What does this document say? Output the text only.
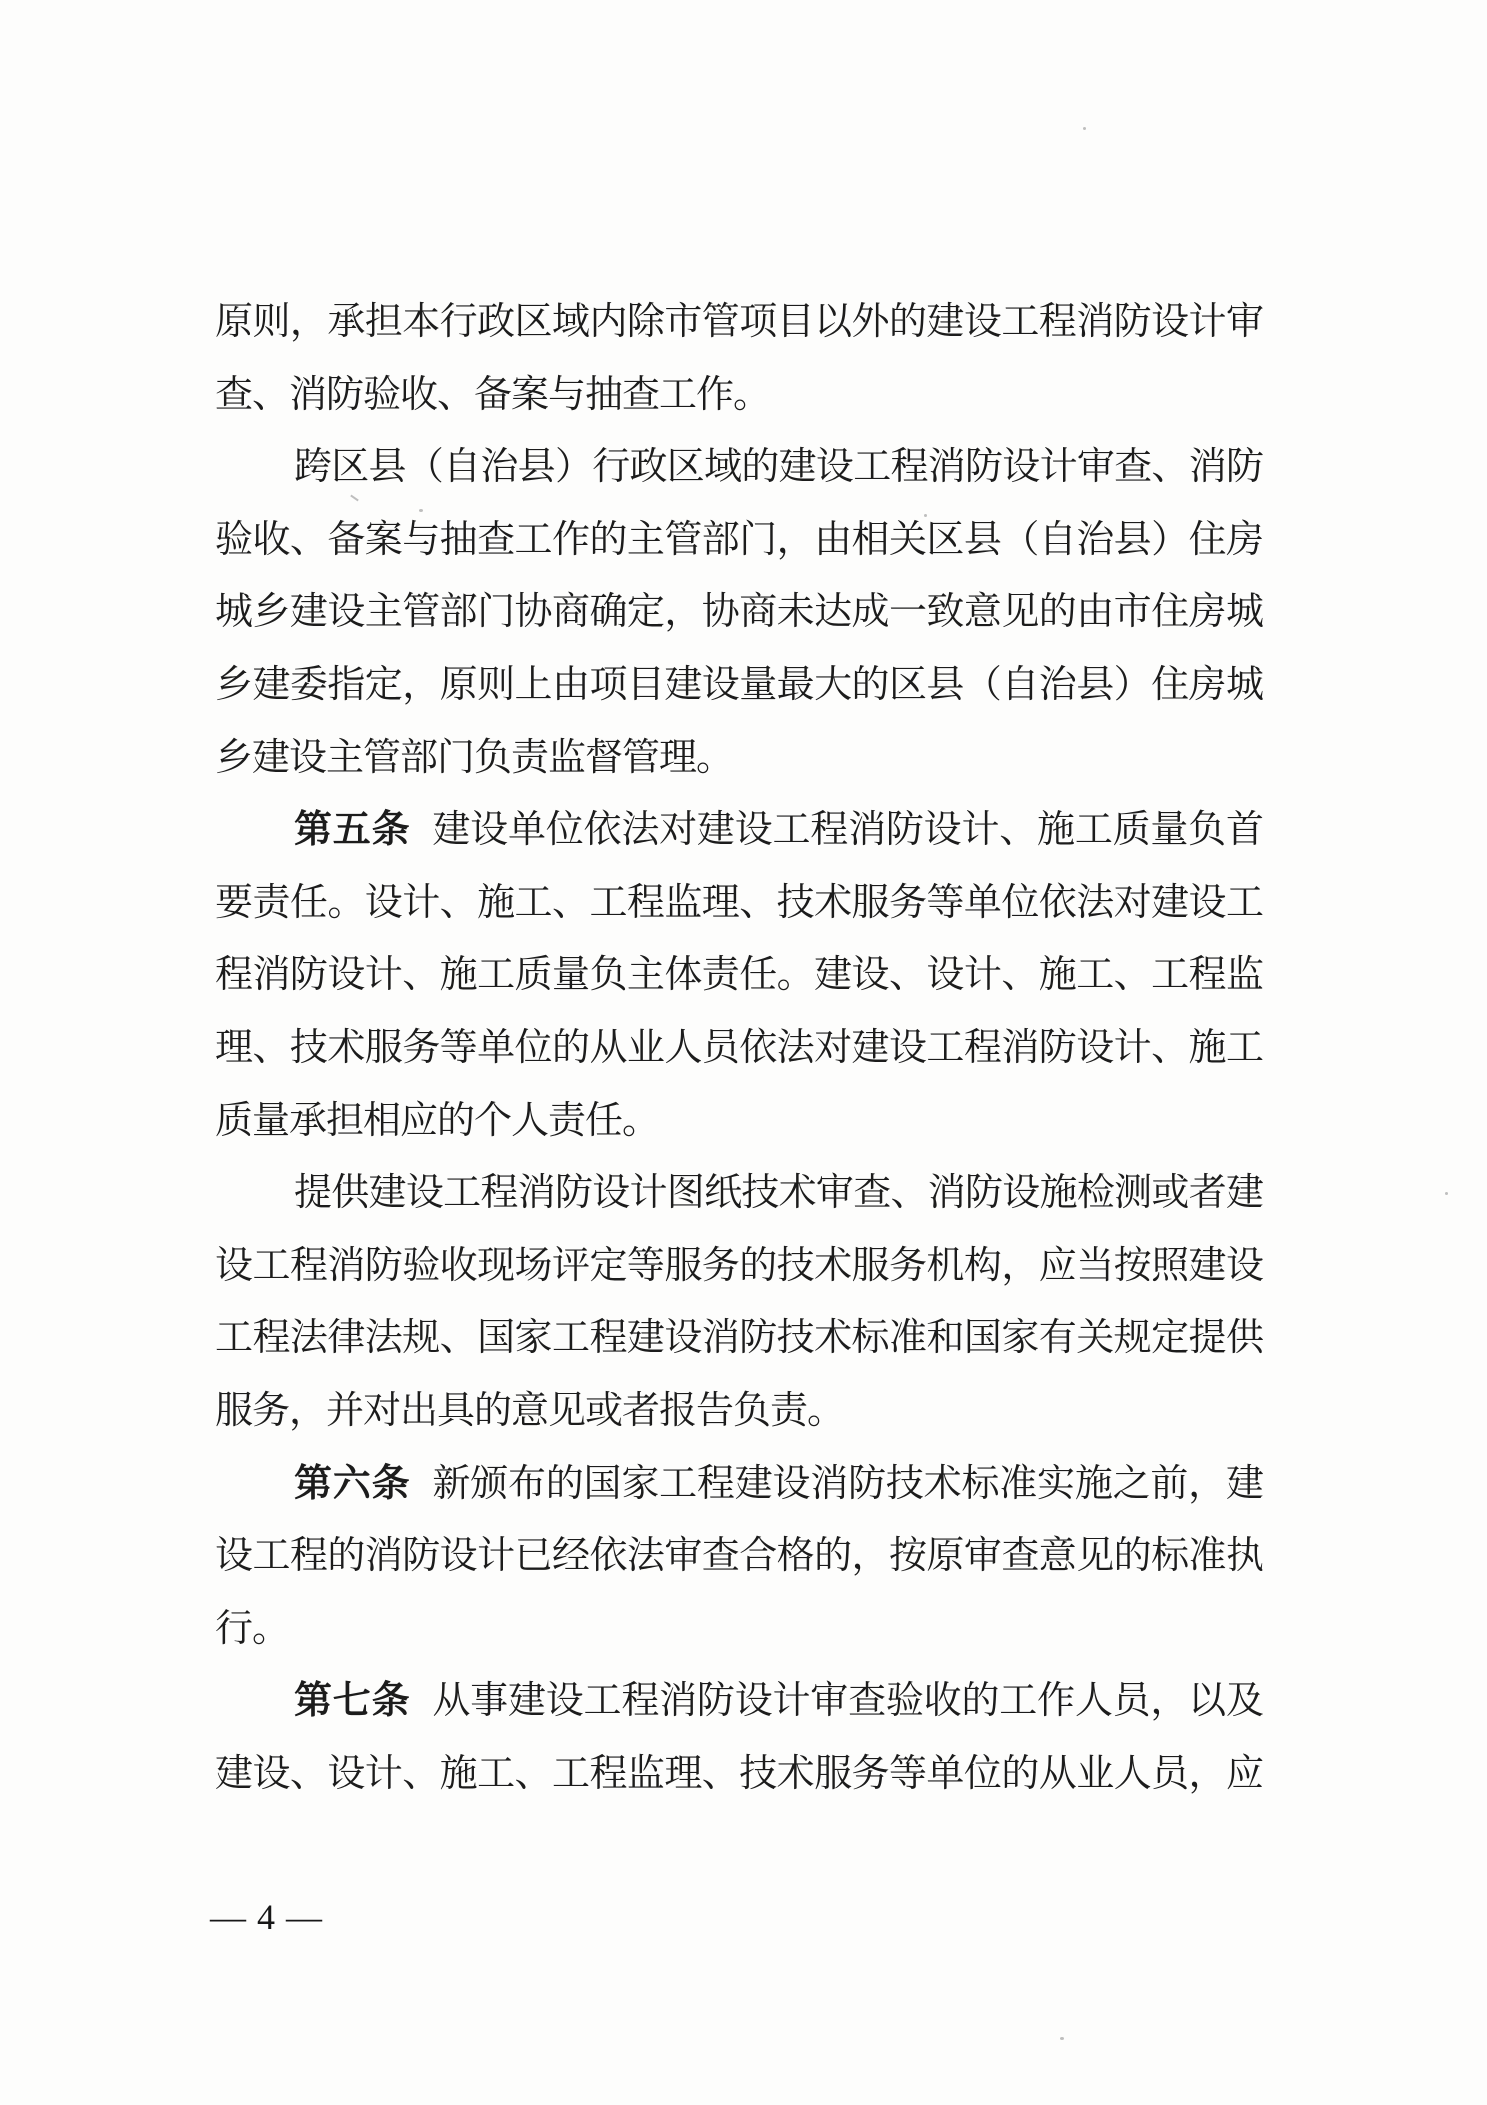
原则，承担本行政区域内除市管项目以外的建设工程消防设计审
查、消防验收、备案与抽查工作。
跨区县（自治县）行政区域的建设工程消防设计审查、消防
验收、备案与抽查工作的主管部门，由相关区县（自治县）住房
城乡建设主管部门协商确定，协商未达成一致意见的由市住房城
乡建委指定，原则上由项目建设量最大的区县（自治县）住房城
乡建设主管部门负责监督管理。
第五条 建设单位依法对建设工程消防设计、施工质量负首
要责任。设计、施工、工程监理、技术服务等单位依法对建设工
程消防设计、施工质量负主体责任。建设、设计、施工、工程监
理、技术服务等单位的从业人员依法对建设工程消防设计、施工
质量承担相应的个人责任。
提供建设工程消防设计图纸技术审查、消防设施检测或者建
设工程消防验收现场评定等服务的技术服务机构，应当按照建设
工程法律法规、国家工程建设消防技术标准和国家有关规定提供
服务，并对出具的意见或者报告负责。
第六条 新颁布的国家工程建设消防技术标准实施之前，建
设工程的消防设计已经依法审查合格的，按原审查意见的标准执
行。
第七条 从事建设工程消防设计审查验收的工作人员，以及
建设、设计、施工、工程监理、技术服务等单位的从业人员，应
— 4 —
